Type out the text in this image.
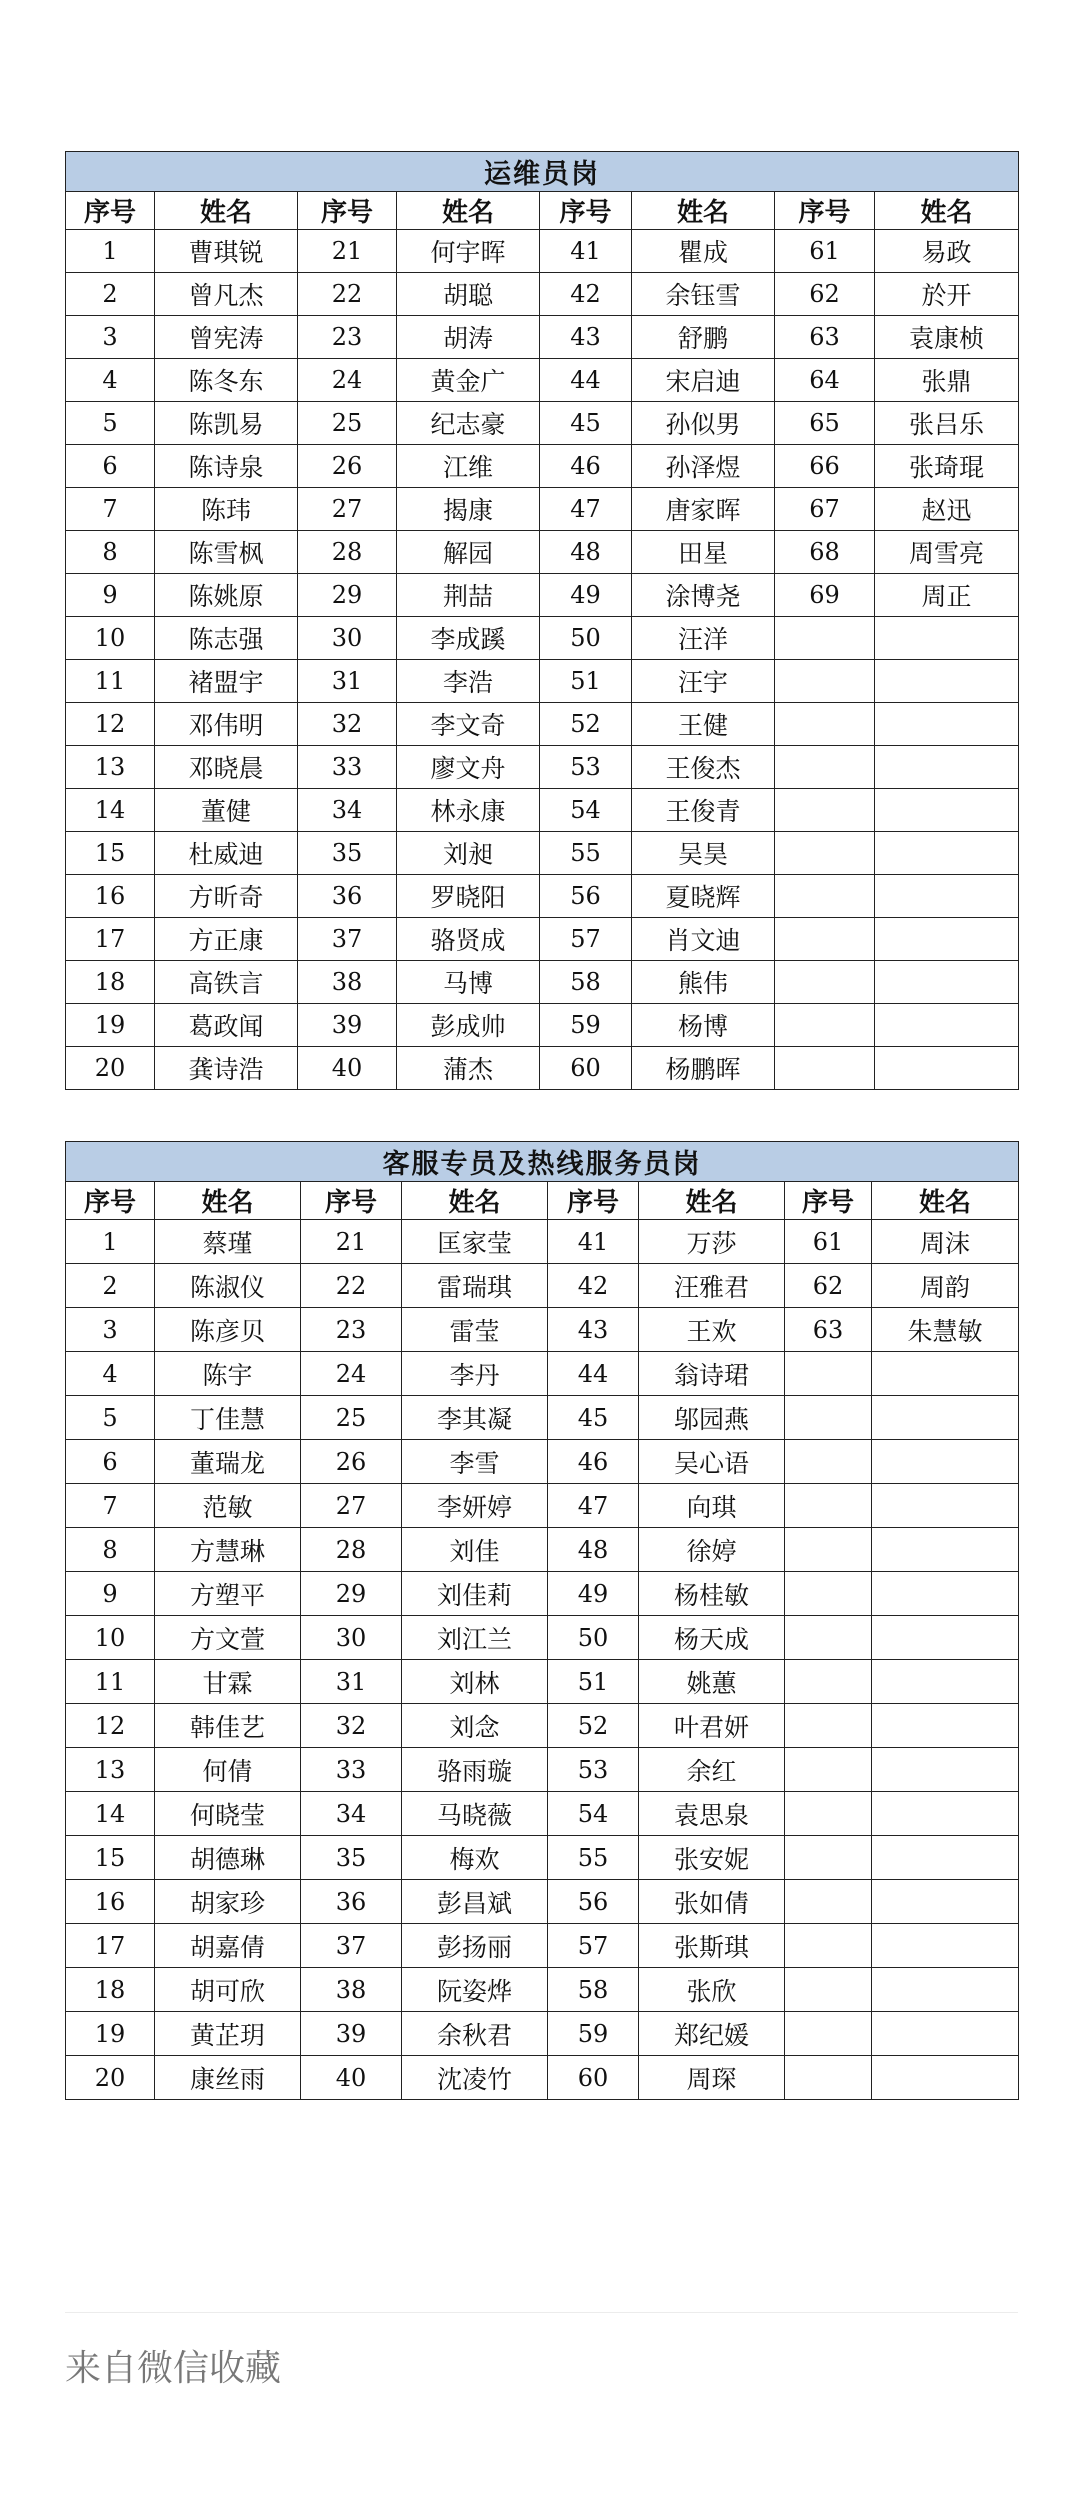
运维员岗							
序号	姓名	序号	姓名	序号	姓名	序号	姓名
1	曹琪锐	21	何宇晖	41	瞿成	61	易政
2	曾凡杰	22	胡聪	42	余钰雪	62	於开
3	曾宪涛	23	胡涛	43	舒鹏	63	袁康桢
4	陈冬东	24	黄金广	44	宋启迪	64	张鼎
5	陈凯易	25	纪志豪	45	孙似男	65	张吕乐
6	陈诗泉	26	江维	46	孙泽煜	66	张琦琨
7	陈玮	27	揭康	47	唐家晖	67	赵迅
8	陈雪枫	28	解园	48	田星	68	周雪亮
9	陈姚原	29	荆喆	49	涂博尧	69	周正
10	陈志强	30	李成蹊	50	汪洋		
11	褚盟宇	31	李浩	51	汪宇		
12	邓伟明	32	李文奇	52	王健		
13	邓晓晨	33	廖文舟	53	王俊杰		
14	董健	34	林永康	54	王俊青		
15	杜威迪	35	刘昶	55	吴昊		
16	方昕奇	36	罗晓阳	56	夏晓辉		
17	方正康	37	骆贤成	57	肖文迪		
18	高铁言	38	马博	58	熊伟		
19	葛政闻	39	彭成帅	59	杨博		
20	龚诗浩	40	蒲杰	60	杨鹏晖		
客服专员及热线服务员岗							
序号	姓名	序号	姓名	序号	姓名	序号	姓名
1	蔡瑾	21	匡家莹	41	万莎	61	周沫
2	陈淑仪	22	雷瑞琪	42	汪雅君	62	周韵
3	陈彦贝	23	雷莹	43	王欢	63	朱慧敏
4	陈宇	24	李丹	44	翁诗珺		
5	丁佳慧	25	李其凝	45	邬园燕		
6	董瑞龙	26	李雪	46	吴心语		
7	范敏	27	李妍婷	47	向琪		
8	方慧琳	28	刘佳	48	徐婷		
9	方塑平	29	刘佳莉	49	杨桂敏		
10	方文萱	30	刘江兰	50	杨天成		
11	甘霖	31	刘林	51	姚蕙		
12	韩佳艺	32	刘念	52	叶君妍		
13	何倩	33	骆雨璇	53	余红		
14	何晓莹	34	马晓薇	54	袁思泉		
15	胡德琳	35	梅欢	55	张安妮		
16	胡家珍	36	彭昌斌	56	张如倩		
17	胡嘉倩	37	彭扬丽	57	张斯琪		
18	胡可欣	38	阮姿烨	58	张欣		
19	黄芷玥	39	余秋君	59	郑纪媛		
20	康丝雨	40	沈凌竹	60	周琛		
来自微信收藏
